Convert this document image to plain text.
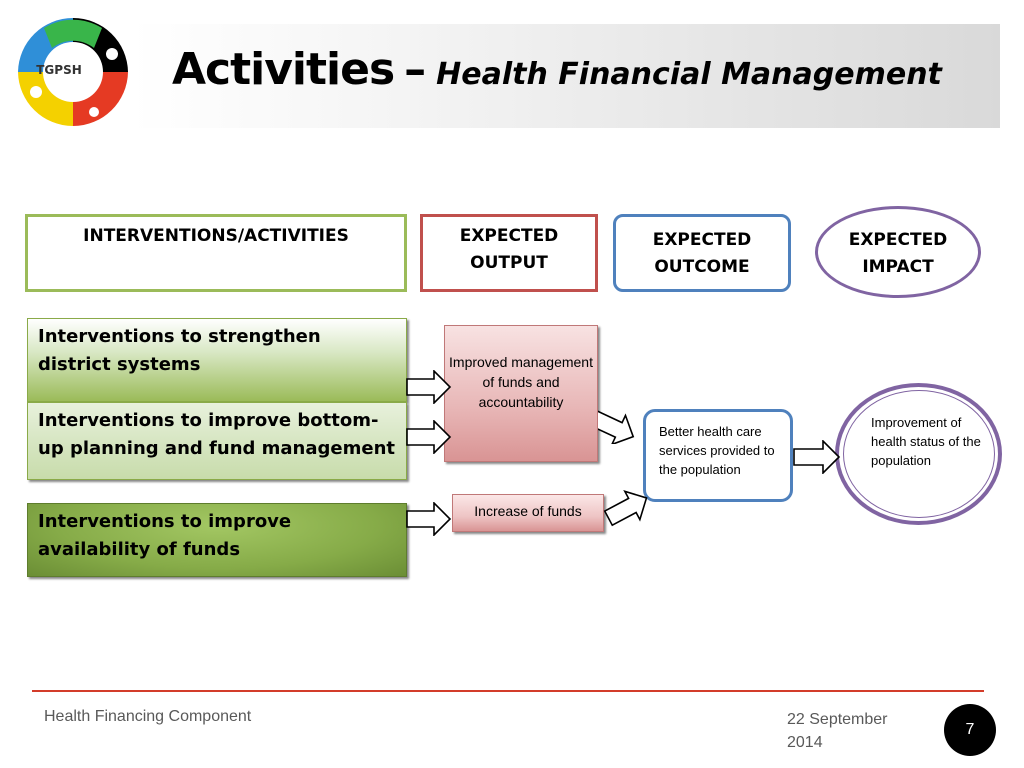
TGPSH Activities – Health Financial Management
INTERVENTIONS/ACTIVITIES	EXPECTED OUTPUT
EXPECTED OUTCOME
EXPECTED IMPACT
Interventions to strengthen district systems
Interventions to improve bottom-up planning and fund management
Interventions to improve availability of funds
Improved management of funds and accountability
Increase of funds
Better health care services provided to the population
Improvement of health status of the population
Health Financing Component	22 September 2014
7
